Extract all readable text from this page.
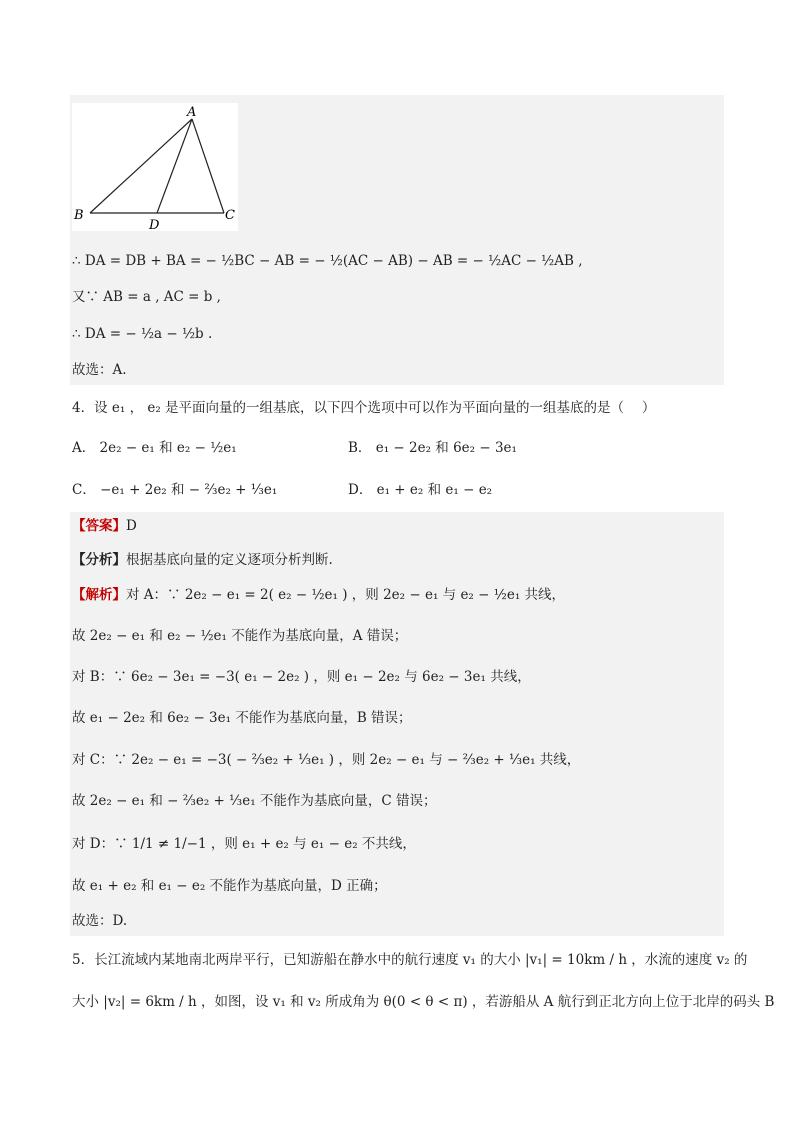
A
B	C
D
∴ DA = DB + BA = − ½BC − AB = − ½(AC − AB) − AB = − ½AC − ½AB ,
又∵ AB = a , AC = b ,
∴ DA = − ½a − ½b .
故选：A.
4．设 e₁ ， e₂ 是平面向量的一组基底，以下四个选项中可以作为平面向量的一组基底的是（　 ）
A． 2e₂ − e₁ 和 e₂ − ½e₁	B． e₁ − 2e₂ 和 6e₂ − 3e₁
C． −e₁ + 2e₂ 和 − ⅔e₂ + ⅓e₁	D． e₁ + e₂ 和 e₁ − e₂
【答案】D
【分析】根据基底向量的定义逐项分析判断.
【解析】对 A：∵ 2e₂ − e₁ = 2( e₂ − ½e₁ ) ，则 2e₂ − e₁ 与 e₂ − ½e₁ 共线，
故 2e₂ − e₁ 和 e₂ − ½e₁ 不能作为基底向量，A 错误；
对 B：∵ 6e₂ − 3e₁ = −3( e₁ − 2e₂ ) ，则 e₁ − 2e₂ 与 6e₂ − 3e₁ 共线，
故 e₁ − 2e₂ 和 6e₂ − 3e₁ 不能作为基底向量，B 错误；
对 C：∵ 2e₂ − e₁ = −3( − ⅔e₂ + ⅓e₁ ) ，则 2e₂ − e₁ 与 − ⅔e₂ + ⅓e₁ 共线，
故 2e₂ − e₁ 和 − ⅔e₂ + ⅓e₁ 不能作为基底向量，C 错误；
对 D：∵ 1/1 ≠ 1/−1 ，则 e₁ + e₂ 与 e₁ − e₂ 不共线，
故 e₁ + e₂ 和 e₁ − e₂ 不能作为基底向量，D 正确；
故选：D.
5．长江流域内某地南北两岸平行，已知游船在静水中的航行速度 v₁ 的大小 |v₁| = 10km / h ，水流的速度 v₂ 的
大小 |v₂| = 6km / h ，如图，设 v₁ 和 v₂ 所成角为 θ(0 < θ < π) ，若游船从 A 航行到正北方向上位于北岸的码头 B
